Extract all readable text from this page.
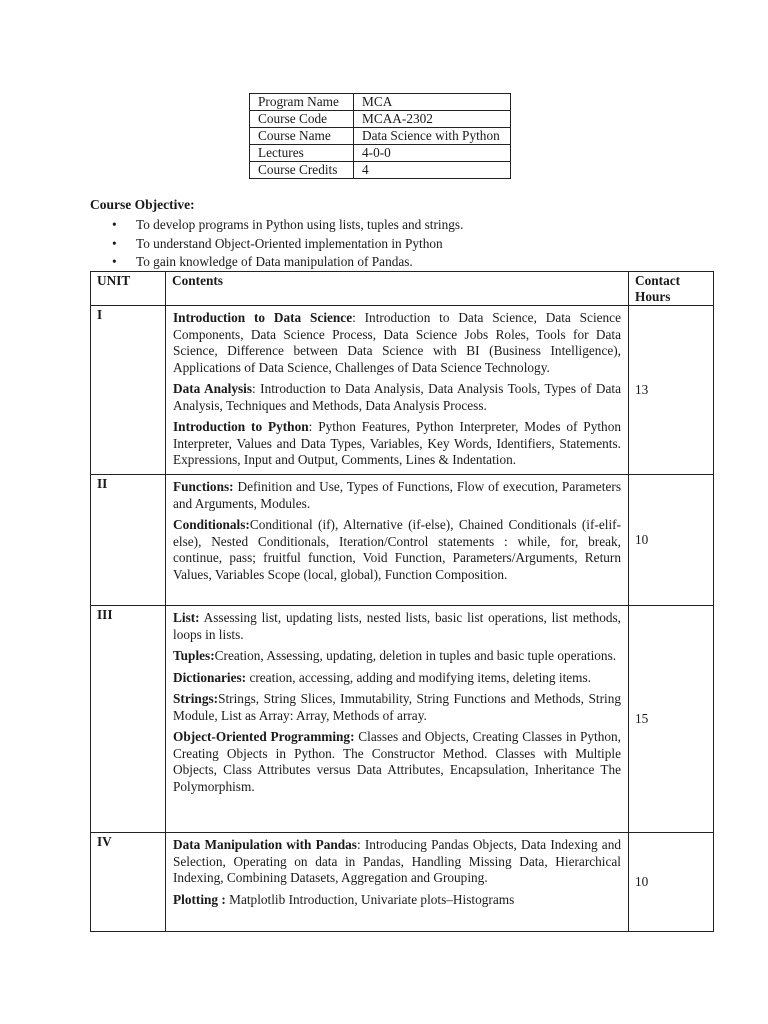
Program Name	MCA
Course Code	MCAA-2302
Course Name	Data Science with Python
Lectures	4-0-0
Course Credits	4
Course Objective:
• To develop programs in Python using lists, tuples and strings.
• To understand Object-Oriented implementation in Python
• To gain knowledge of Data manipulation of Pandas.
UNIT	Contents	Contact Hours
I	Introduction to Data Science: Introduction to Data Science, Data Science Components, Data Science Process, Data Science Jobs Roles, Tools for Data Science, Difference between Data Science with BI (Business Intelligence), Applications of Data Science, Challenges of Data Science Technology.

Data Analysis: Introduction to Data Analysis, Data Analysis Tools, Types of Data Analysis, Techniques and Methods, Data Analysis Process.

Introduction to Python: Python Features, Python Interpreter, Modes of Python Interpreter, Values and Data Types, Variables, Key Words, Identifiers, Statements. Expressions, Input and Output, Comments, Lines & Indentation.	13
II	Functions: Definition and Use, Types of Functions, Flow of execution, Parameters and Arguments, Modules.

Conditionals:Conditional (if), Alternative (if-else), Chained Conditionals (if-elif-else), Nested Conditionals, Iteration/Control statements : while, for, break, continue, pass; fruitful function, Void Function, Parameters/Arguments, Return Values, Variables Scope (local, global), Function Composition.	10
III	List: Assessing list, updating lists, nested lists, basic list operations, list methods, loops in lists.

Tuples:Creation, Assessing, updating, deletion in tuples and basic tuple operations.

Dictionaries: creation, accessing, adding and modifying items, deleting items.

Strings:Strings, String Slices, Immutability, String Functions and Methods, String Module, List as Array: Array, Methods of array.

Object-Oriented Programming: Classes and Objects, Creating Classes in Python, Creating Objects in Python. The Constructor Method. Classes with Multiple Objects, Class Attributes versus Data Attributes, Encapsulation, Inheritance The Polymorphism.	15
IV	Data Manipulation with Pandas: Introducing Pandas Objects, Data Indexing and Selection, Operating on data in Pandas, Handling Missing Data, Hierarchical Indexing, Combining Datasets, Aggregation and Grouping.

Plotting : Matplotlib Introduction, Univariate plots–Histograms	10
